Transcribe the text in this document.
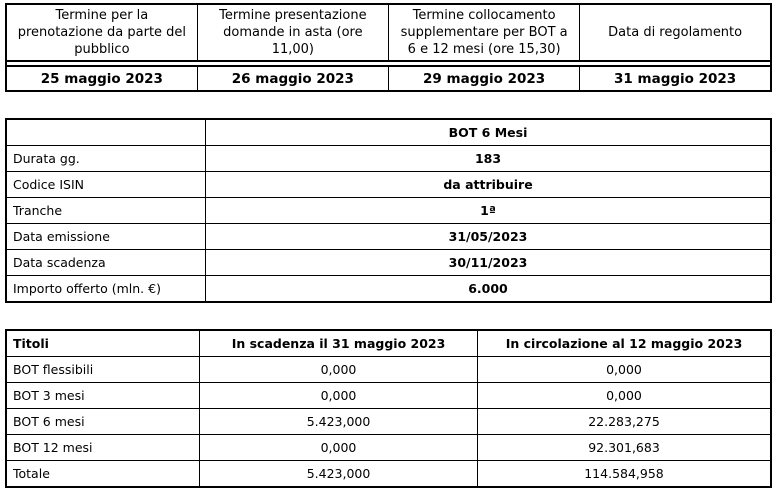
Termine per la prenotazione da parte del pubblico	Termine presentazione domande in asta (ore 11,00)	Termine collocamento supplementare per BOT a 6 e 12 mesi (ore 15,30)	Data di regolamento

25 maggio 2023	26 maggio 2023	29 maggio 2023	31 maggio 2023
	BOT 6 Mesi
Durata gg.	183
Codice ISIN	da attribuire
Tranche	1ª
Data emissione	31/05/2023
Data scadenza	30/11/2023
Importo offerto (mln. €)	6.000
Titoli	In scadenza il 31 maggio 2023	In circolazione al 12 maggio 2023
BOT flessibili	0,000	0,000
BOT 3 mesi	0,000	0,000
BOT 6 mesi	5.423,000	22.283,275
BOT 12 mesi	0,000	92.301,683
Totale	5.423,000	114.584,958
